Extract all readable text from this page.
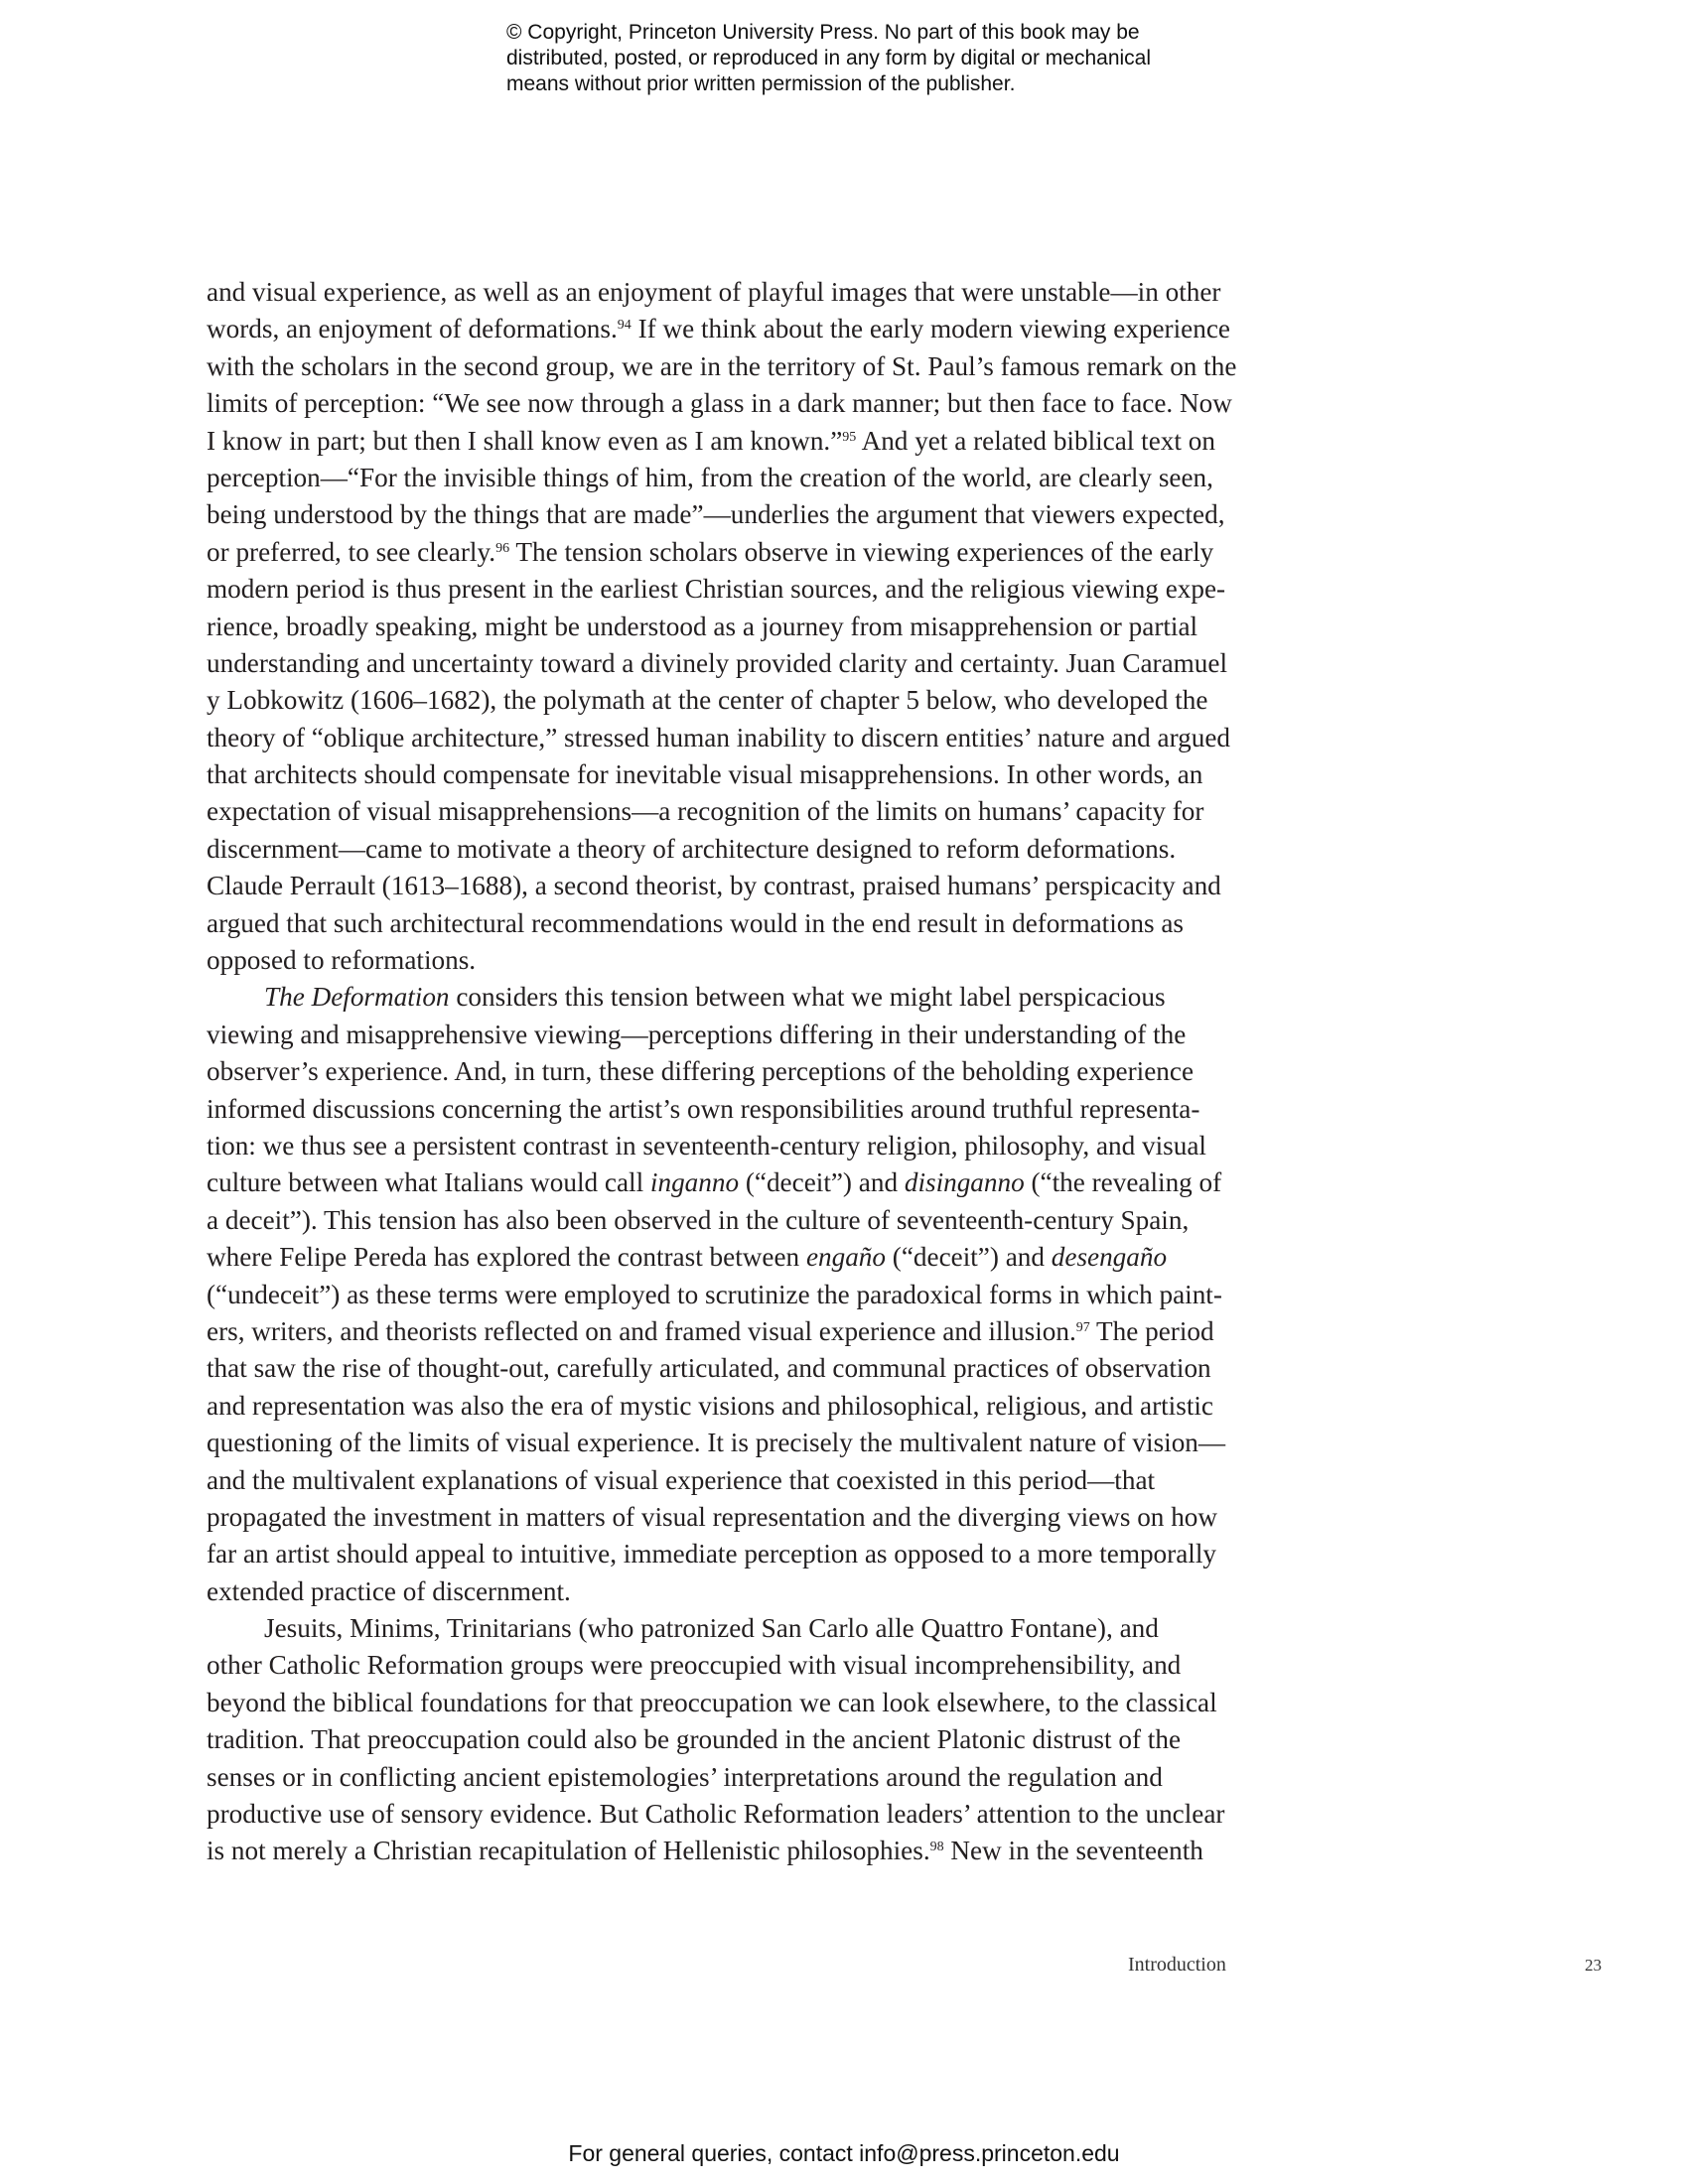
© Copyright, Princeton University Press. No part of this book may be
distributed, posted, or reproduced in any form by digital or mechanical
means without prior written permission of the publisher.
and visual experience, as well as an enjoyment of playful images that were unstable—in other
words, an enjoyment of deformations.$^{94}$ If we think about the early modern viewing experience
with the scholars in the second group, we are in the territory of St. Paul’s famous remark on the
limits of perception: “We see now through a glass in a dark manner; but then face to face. Now
I know in part; but then I shall know even as I am known.”$^{95}$ And yet a related biblical text on
perception—“For the invisible things of him, from the creation of the world, are clearly seen,
being understood by the things that are made”—underlies the argument that viewers expected,
or preferred, to see clearly.$^{96}$ The tension scholars observe in viewing experiences of the early
modern period is thus present in the earliest Christian sources, and the religious viewing expe-
rience, broadly speaking, might be understood as a journey from misapprehension or partial
understanding and uncertainty toward a divinely provided clarity and certainty. Juan Caramuel
y Lobkowitz (1606–1682), the polymath at the center of chapter 5 below, who developed the
theory of “oblique architecture,” stressed human inability to discern entities’ nature and argued
that architects should compensate for inevitable visual misapprehensions. In other words, an
expectation of visual misapprehensions—a recognition of the limits on humans’ capacity for
discernment—came to motivate a theory of architecture designed to reform deformations.
Claude Perrault (1613–1688), a second theorist, by contrast, praised humans’ perspicacity and
argued that such architectural recommendations would in the end result in deformations as
opposed to reformations.
The Deformation considers this tension between what we might label perspicacious
viewing and misapprehensive viewing—perceptions differing in their understanding of the
observer’s experience. And, in turn, these differing perceptions of the beholding experience
informed discussions concerning the artist’s own responsibilities around truthful representa-
tion: we thus see a persistent contrast in seventeenth-century religion, philosophy, and visual
culture between what Italians would call inganno (“deceit”) and disinganno (“the revealing of
a deceit”). This tension has also been observed in the culture of seventeenth-century Spain,
where Felipe Pereda has explored the contrast between engaño (“deceit”) and desengaño
(“undeceit”) as these terms were employed to scrutinize the paradoxical forms in which paint-
ers, writers, and theorists reflected on and framed visual experience and illusion.$^{97}$ The period
that saw the rise of thought-out, carefully articulated, and communal practices of observation
and representation was also the era of mystic visions and philosophical, religious, and artistic
questioning of the limits of visual experience. It is precisely the multivalent nature of vision—
and the multivalent explanations of visual experience that coexisted in this period—that
propagated the investment in matters of visual representation and the diverging views on how
far an artist should appeal to intuitive, immediate perception as opposed to a more temporally
extended practice of discernment.
Jesuits, Minims, Trinitarians (who patronized San Carlo alle Quattro Fontane), and
other Catholic Reformation groups were preoccupied with visual incomprehensibility, and
beyond the biblical foundations for that preoccupation we can look elsewhere, to the classical
tradition. That preoccupation could also be grounded in the ancient Platonic distrust of the
senses or in conflicting ancient epistemologies’ interpretations around the regulation and
productive use of sensory evidence. But Catholic Reformation leaders’ attention to the unclear
is not merely a Christian recapitulation of Hellenistic philosophies.$^{98}$ New in the seventeenth
Introduction	23
For general queries, contact info@press.princeton.edu
